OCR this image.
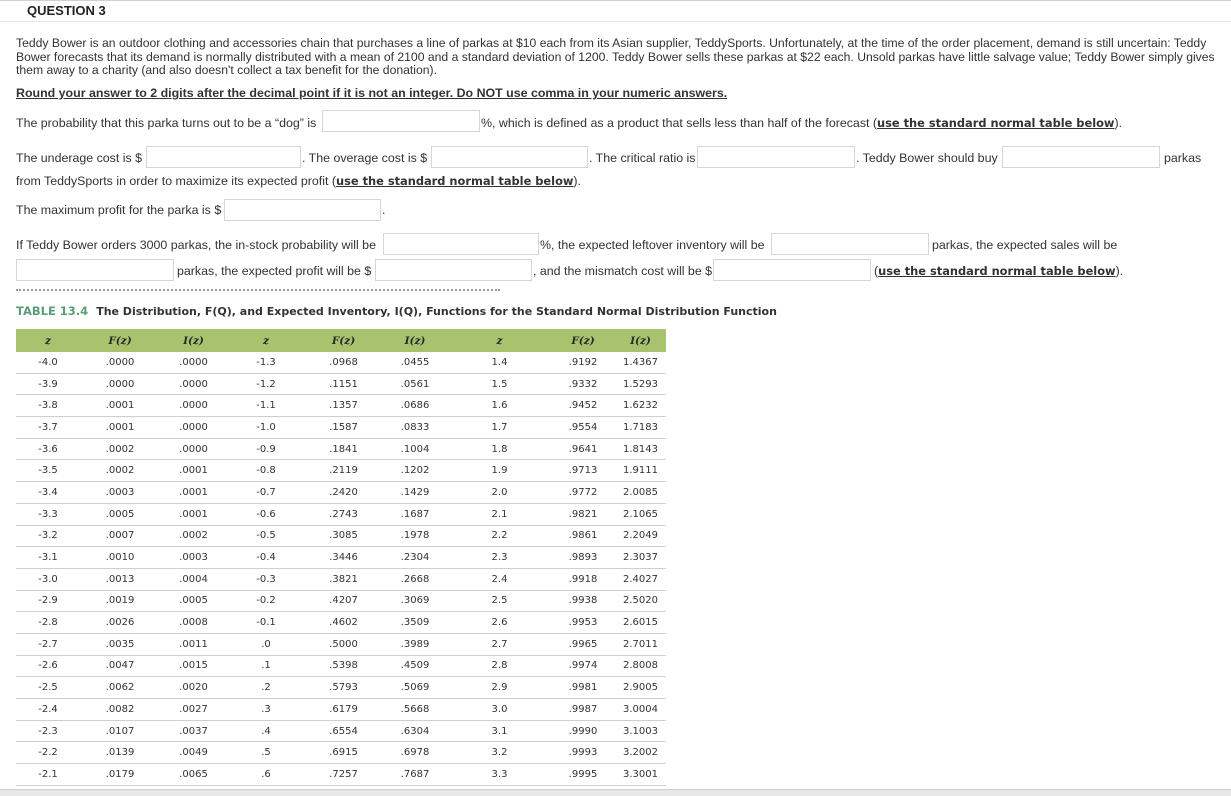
QUESTION 3
Teddy Bower is an outdoor clothing and accessories chain that purchases a line of parkas at $10 each from its Asian supplier, TeddySports. Unfortunately, at the time of the order placement, demand is still uncertain: Teddy Bower forecasts that its demand is normally distributed with a mean of 2100 and a standard deviation of 1200. Teddy Bower sells these parkas at $22 each. Unsold parkas have little salvage value; Teddy Bower simply gives them away to a charity (and also doesn't collect a tax benefit for the donation).
Round your answer to 2 digits after the decimal point if it is not an integer. Do NOT use comma in your numeric answers.
The probability that this parka turns out to be a “dog” is	%, which is defined as a product that sells less than half of the forecast (use the standard normal table below).
The underage cost is $	. The overage cost is $	. The critical ratio is	. Teddy Bower should buy	parkas
from TeddySports in order to maximize its expected profit (use the standard normal table below).
The maximum profit for the parka is $	.
If Teddy Bower orders 3000 parkas, the in-stock probability will be	%, the expected leftover inventory will be	parkas, the expected sales will be
parkas, the expected profit will be $	, and the mismatch cost will be $	(use the standard normal table below).
TABLE 13.4 The Distribution, F(Q), and Expected Inventory, I(Q), Functions for the Standard Normal Distribution Function
z	F(z)	I(z)
-4.0	.0000	.0000
-3.9	.0000	.0000
-3.8	.0001	.0000
-3.7	.0001	.0000
-3.6	.0002	.0000
-3.5	.0002	.0001
-3.4	.0003	.0001
-3.3	.0005	.0001
-3.2	.0007	.0002
-3.1	.0010	.0003
-3.0	.0013	.0004
-2.9	.0019	.0005
-2.8	.0026	.0008
-2.7	.0035	.0011
-2.6	.0047	.0015
-2.5	.0062	.0020
-2.4	.0082	.0027
-2.3	.0107	.0037
-2.2	.0139	.0049
-2.1	.0179	.0065
z	F(z)	I(z)
-1.3	.0968	.0455
-1.2	.1151	.0561
-1.1	.1357	.0686
-1.0	.1587	.0833
-0.9	.1841	.1004
-0.8	.2119	.1202
-0.7	.2420	.1429
-0.6	.2743	.1687
-0.5	.3085	.1978
-0.4	.3446	.2304
-0.3	.3821	.2668
-0.2	.4207	.3069
-0.1	.4602	.3509
.0	.5000	.3989
.1	.5398	.4509
.2	.5793	.5069
.3	.6179	.5668
.4	.6554	.6304
.5	.6915	.6978
.6	.7257	.7687
z	F(z)	I(z)
1.4	.9192	1.4367
1.5	.9332	1.5293
1.6	.9452	1.6232
1.7	.9554	1.7183
1.8	.9641	1.8143
1.9	.9713	1.9111
2.0	.9772	2.0085
2.1	.9821	2.1065
2.2	.9861	2.2049
2.3	.9893	2.3037
2.4	.9918	2.4027
2.5	.9938	2.5020
2.6	.9953	2.6015
2.7	.9965	2.7011
2.8	.9974	2.8008
2.9	.9981	2.9005
3.0	.9987	3.0004
3.1	.9990	3.1003
3.2	.9993	3.2002
3.3	.9995	3.3001
